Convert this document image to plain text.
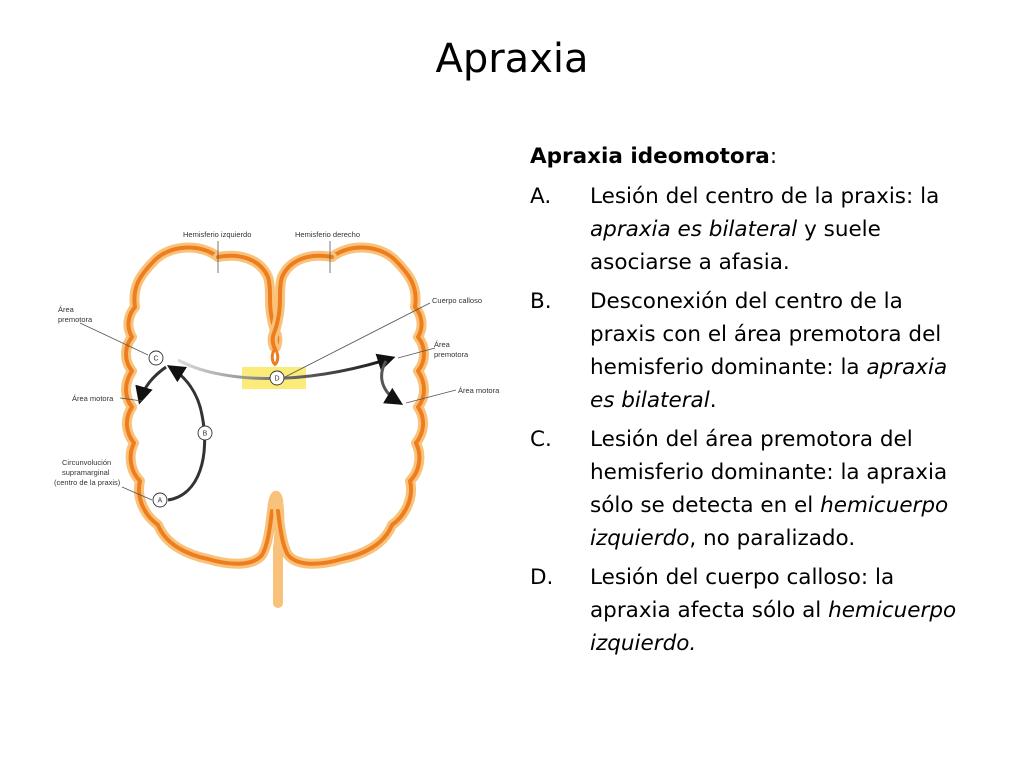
Apraxia
C
B
A
D
Hemisferio izquierdo	Hemisferio derecho
Cuerpo calloso
Área
premotora
Área
premotora
Área motora
Área motora
Circunvolución
supramarginal
(centro de la praxis)
Apraxia ideomotora:
A. Lesión del centro de la praxis: la apraxia es bilateral y suele asociarse a afasia.
B. Desconexión del centro de la praxis con el área premotora del hemisferio dominante: la apraxia es bilateral.
C. Lesión del área premotora del hemisferio dominante: la apraxia sólo se detecta en el hemicuerpo izquierdo, no paralizado.
D. Lesión del cuerpo calloso: la apraxia afecta sólo al hemicuerpo izquierdo.
